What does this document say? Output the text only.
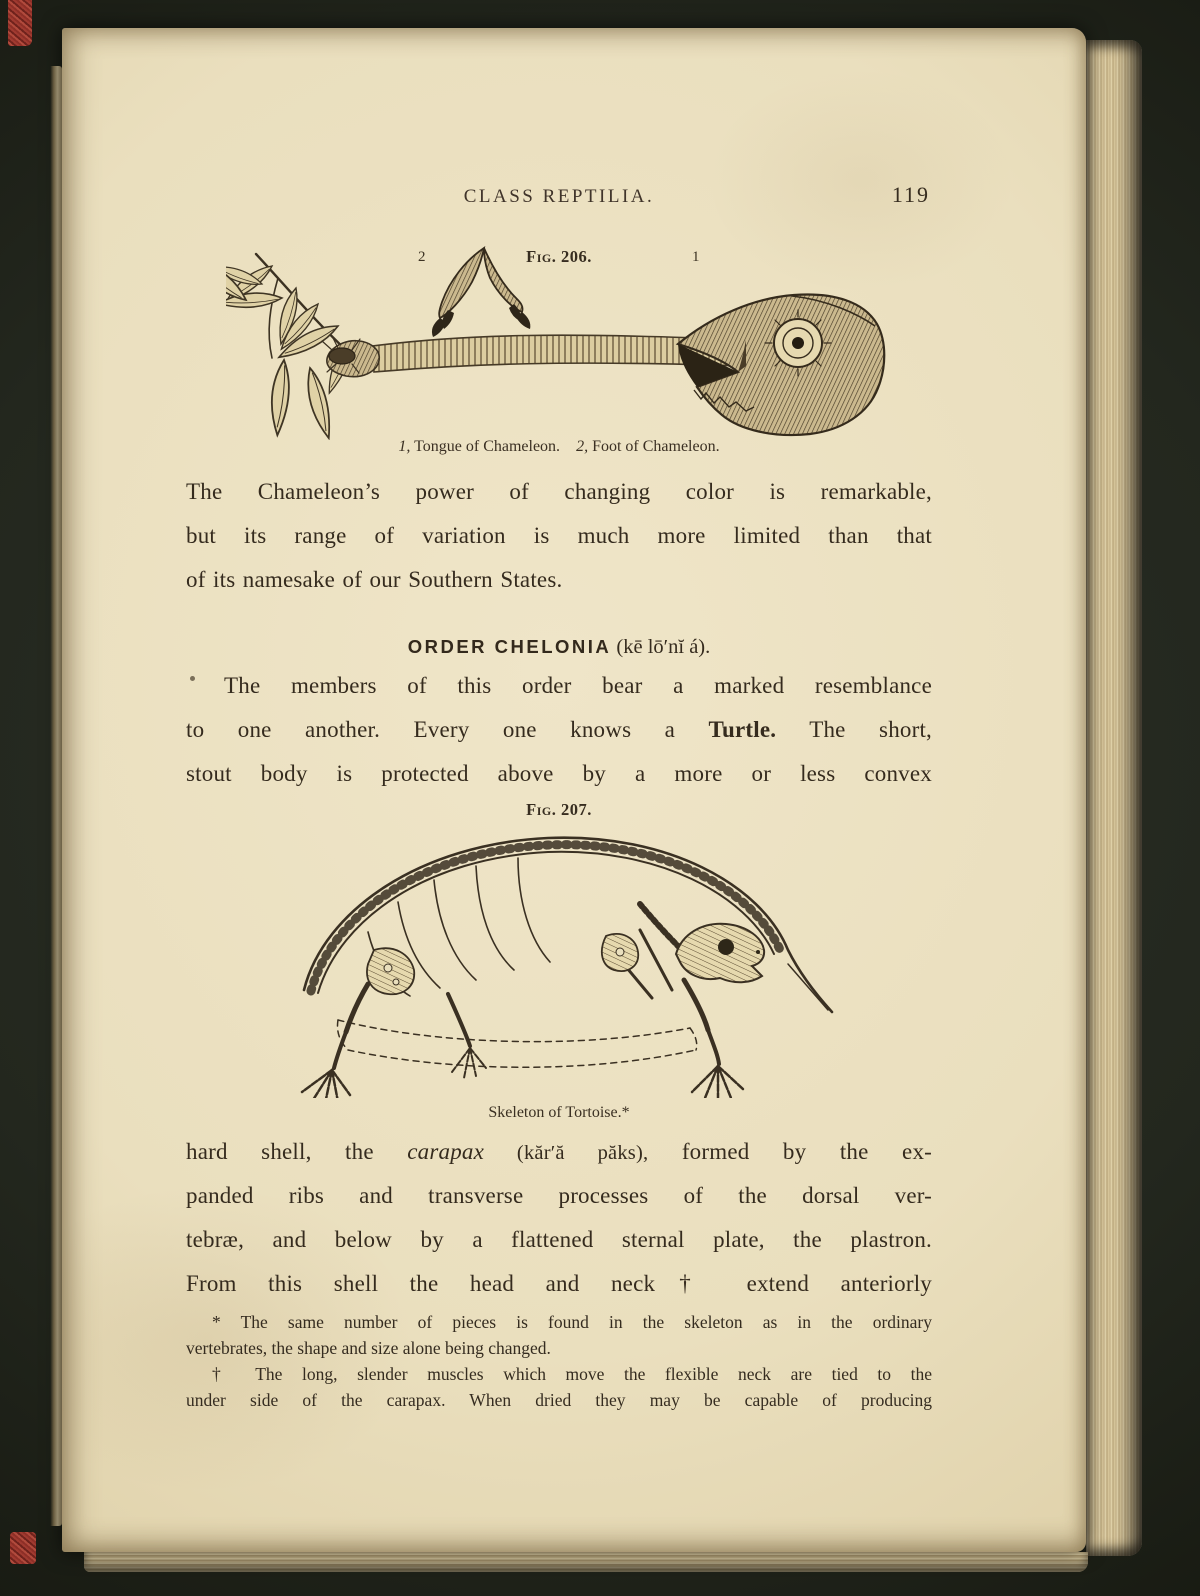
CLASS REPTILIA.	119
Fig. 206.
2	1
1, Tongue of Chameleon. 2, Foot of Chameleon.
The Chameleon’s power of changing color is remarkable,
but its range of variation is much more limited than that
of its namesake of our Southern States.
ORDER CHELONIA (kē lō′nĭ á).
The members of this order bear a marked resemblance
to one another. Every one knows a Turtle. The short,
stout body is protected above by a more or less convex
Fig. 207.
Skeleton of Tortoise.*
hard shell, the carapax (kăr′ă păks), formed by the ex-
panded ribs and transverse processes of the dorsal ver-
tebræ, and below by a flattened sternal plate, the plastron.
From this shell the head and neck† extend anteriorly
* The same number of pieces is found in the skeleton as in the ordinary
vertebrates, the shape and size alone being changed.
† The long, slender muscles which move the flexible neck are tied to the
under side of the carapax. When dried they may be capable of producing
